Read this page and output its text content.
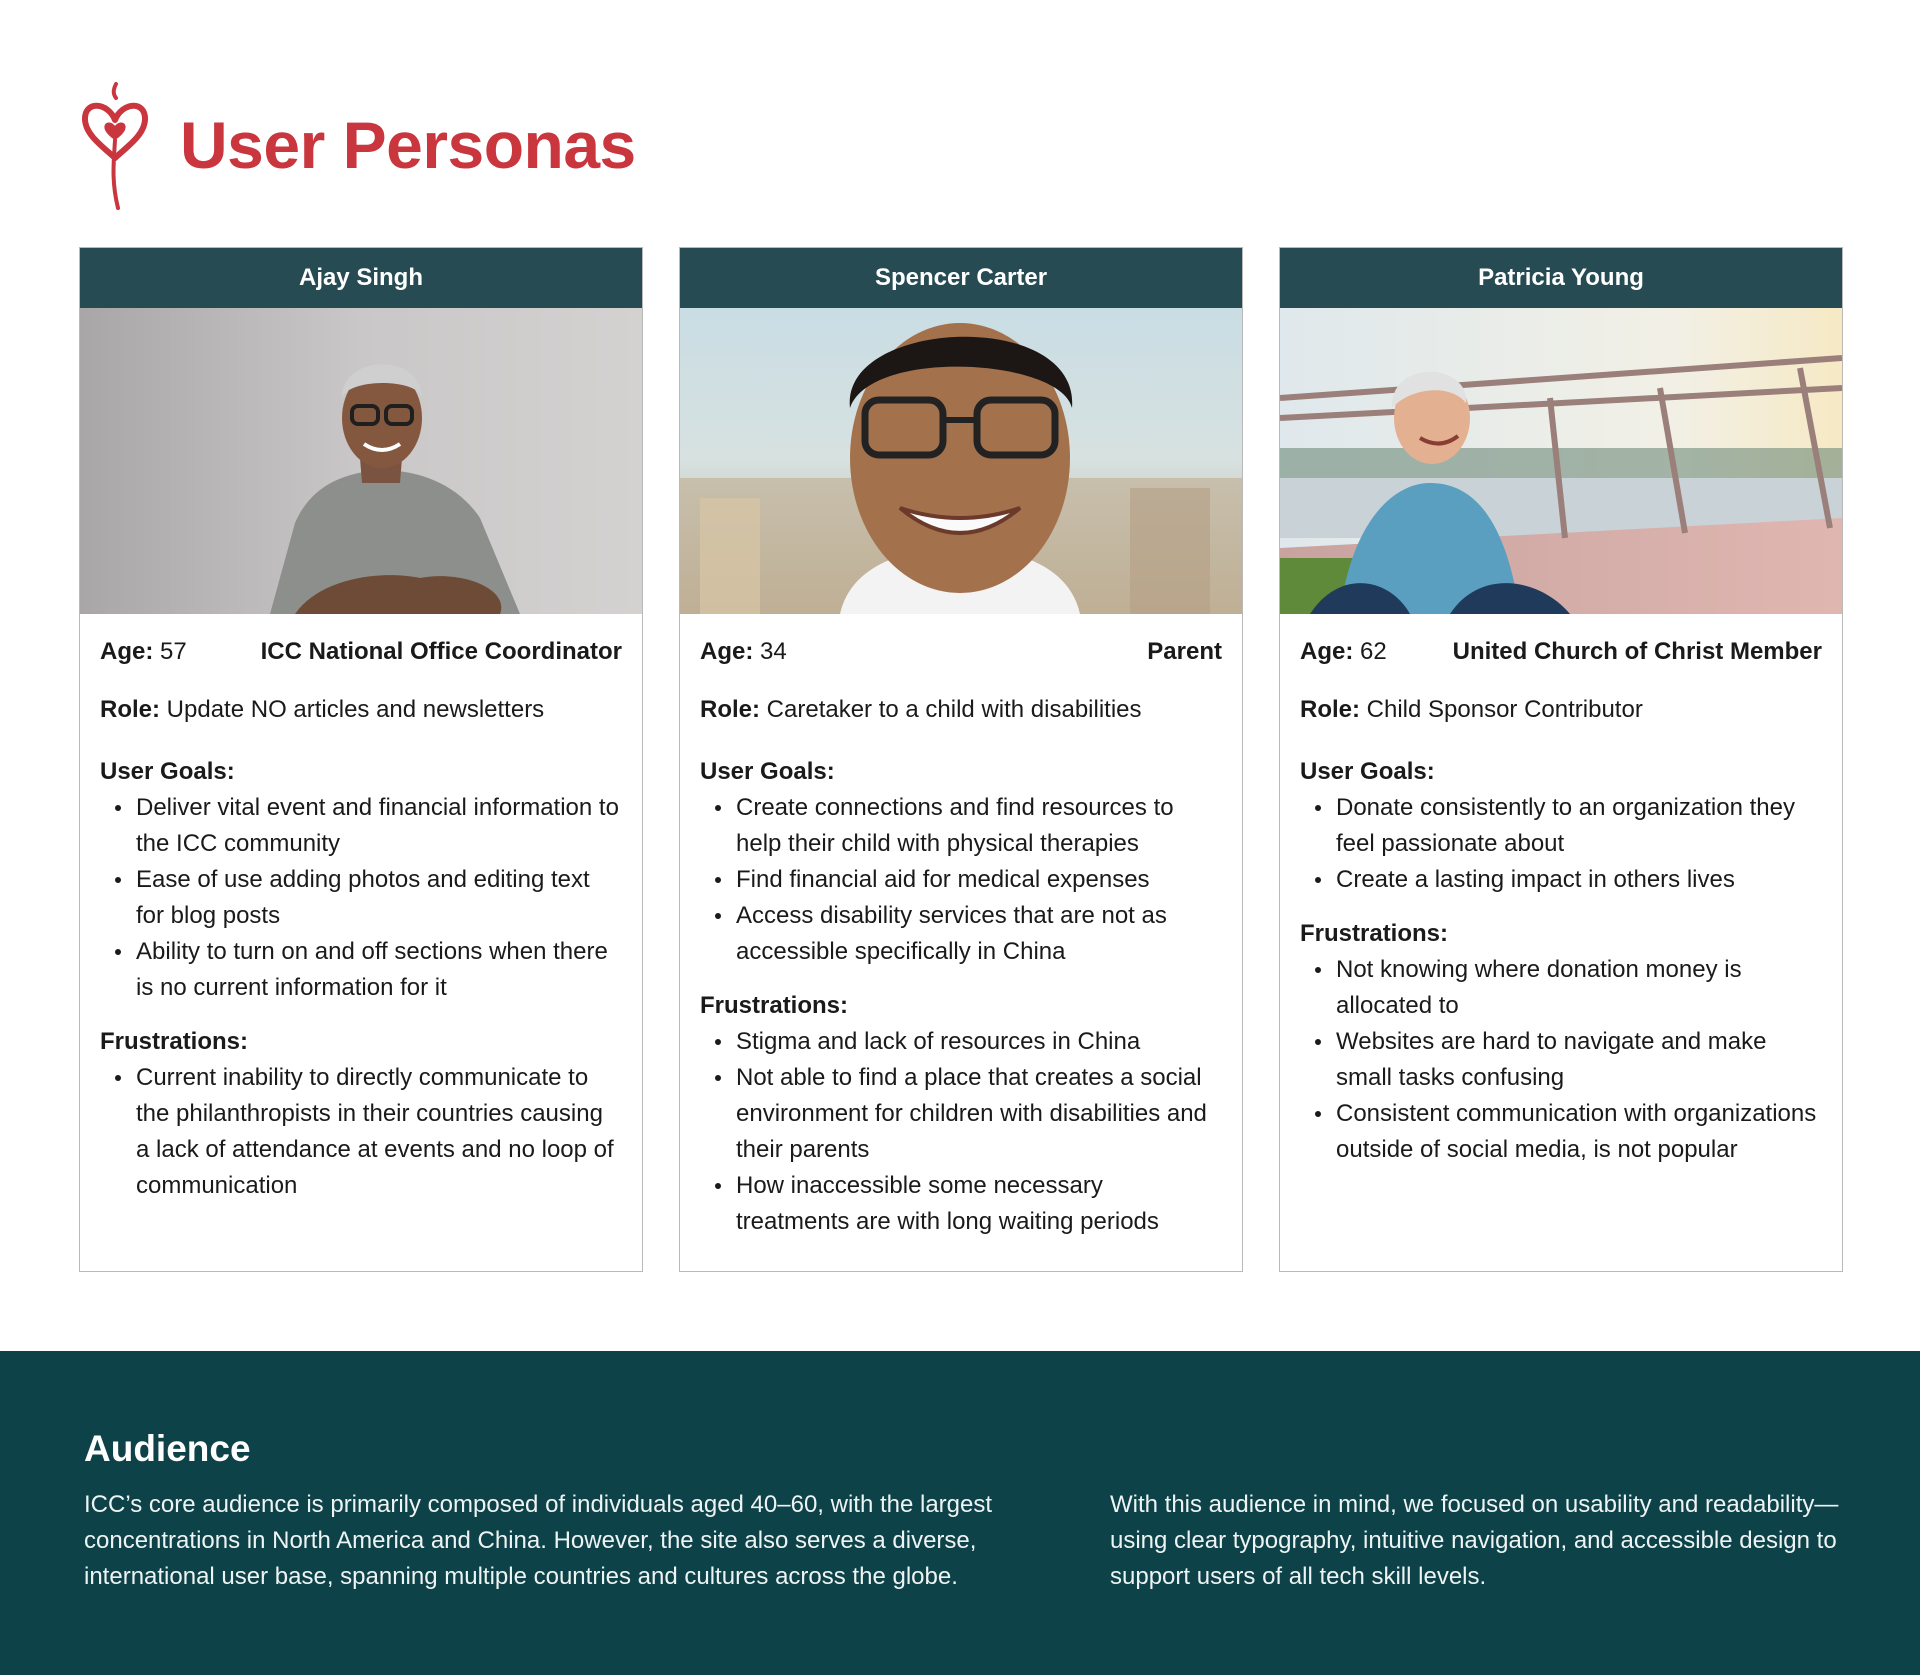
User Personas
Ajay Singh
Age: 57	ICC National Office Coordinator
Role: Update NO articles and newsletters
User Goals:
Deliver vital event and financial information to the ICC community
Ease of use adding photos and editing text for blog posts
Ability to turn on and off sections when there is no current information for it
Frustrations:
Current inability to directly communicate to the philanthropists in their countries causing a lack of attendance at events and no loop of communication
Spencer Carter
Age: 34	Parent
Role: Caretaker to a child with disabilities
User Goals:
Create connections and find resources to help their child with physical therapies
Find financial aid for medical expenses
Access disability services that are not as accessible specifically in China
Frustrations:
Stigma and lack of resources in China
Not able to find a place that creates a social environment for children with disabilities and their parents
How inaccessible some necessary treatments are with long waiting periods
Patricia Young
Age: 62	United Church of Christ Member
Role: Child Sponsor Contributor
User Goals:
Donate consistently to an organization they feel passionate about
Create a lasting impact in others lives
Frustrations:
Not knowing where donation money is allocated to
Websites are hard to navigate and make small tasks confusing
Consistent communication with organizations outside of social media, is not popular
Audience

ICC’s core audience is primarily composed of individuals aged 40–60, with the largest concentrations in North America and China. However, the site also serves a diverse, international user base, spanning multiple countries and cultures across the globe.

With this audience in mind, we focused on usability and readability—using clear typography, intuitive navigation, and accessible design to support users of all tech skill levels.
